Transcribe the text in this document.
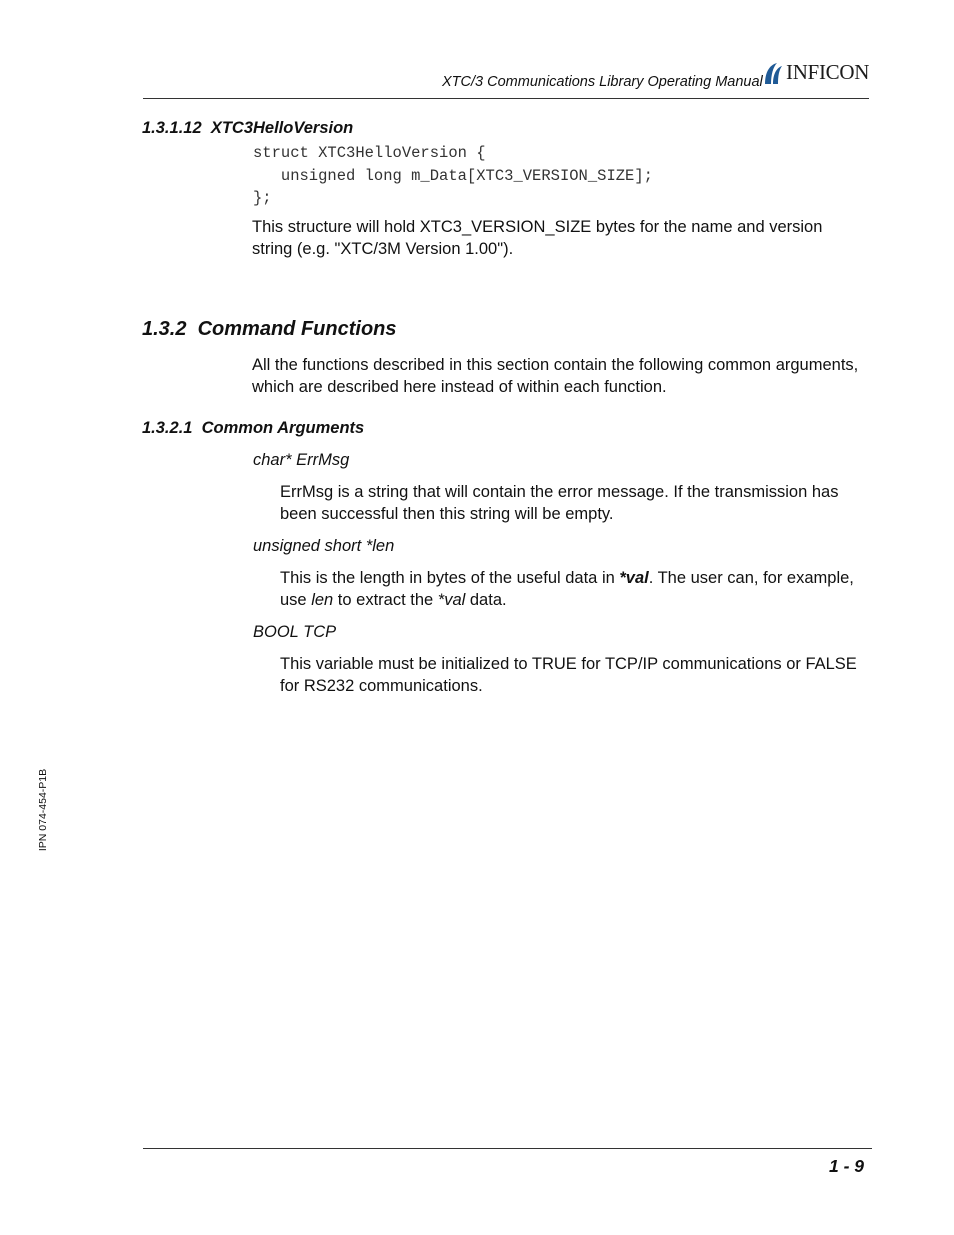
XTC/3 Communications Library Operating Manual INFICON
1.3.1.12 XTC3HelloVersion
struct XTC3HelloVersion {
unsigned long m_Data[XTC3_VERSION_SIZE];
};
This structure will hold XTC3_VERSION_SIZE bytes for the name and version string (e.g. "XTC/3M Version 1.00").
1.3.2 Command Functions
All the functions described in this section contain the following common arguments, which are described here instead of within each function.
1.3.2.1 Common Arguments
char* ErrMsg
ErrMsg is a string that will contain the error message. If the transmission has been successful then this string will be empty.
unsigned short *len
This is the length in bytes of the useful data in *val. The user can, for example, use len to extract the *val data.
BOOL TCP
This variable must be initialized to TRUE for TCP/IP communications or FALSE for RS232 communications.
IPN 074-454-P1B
1 - 9
